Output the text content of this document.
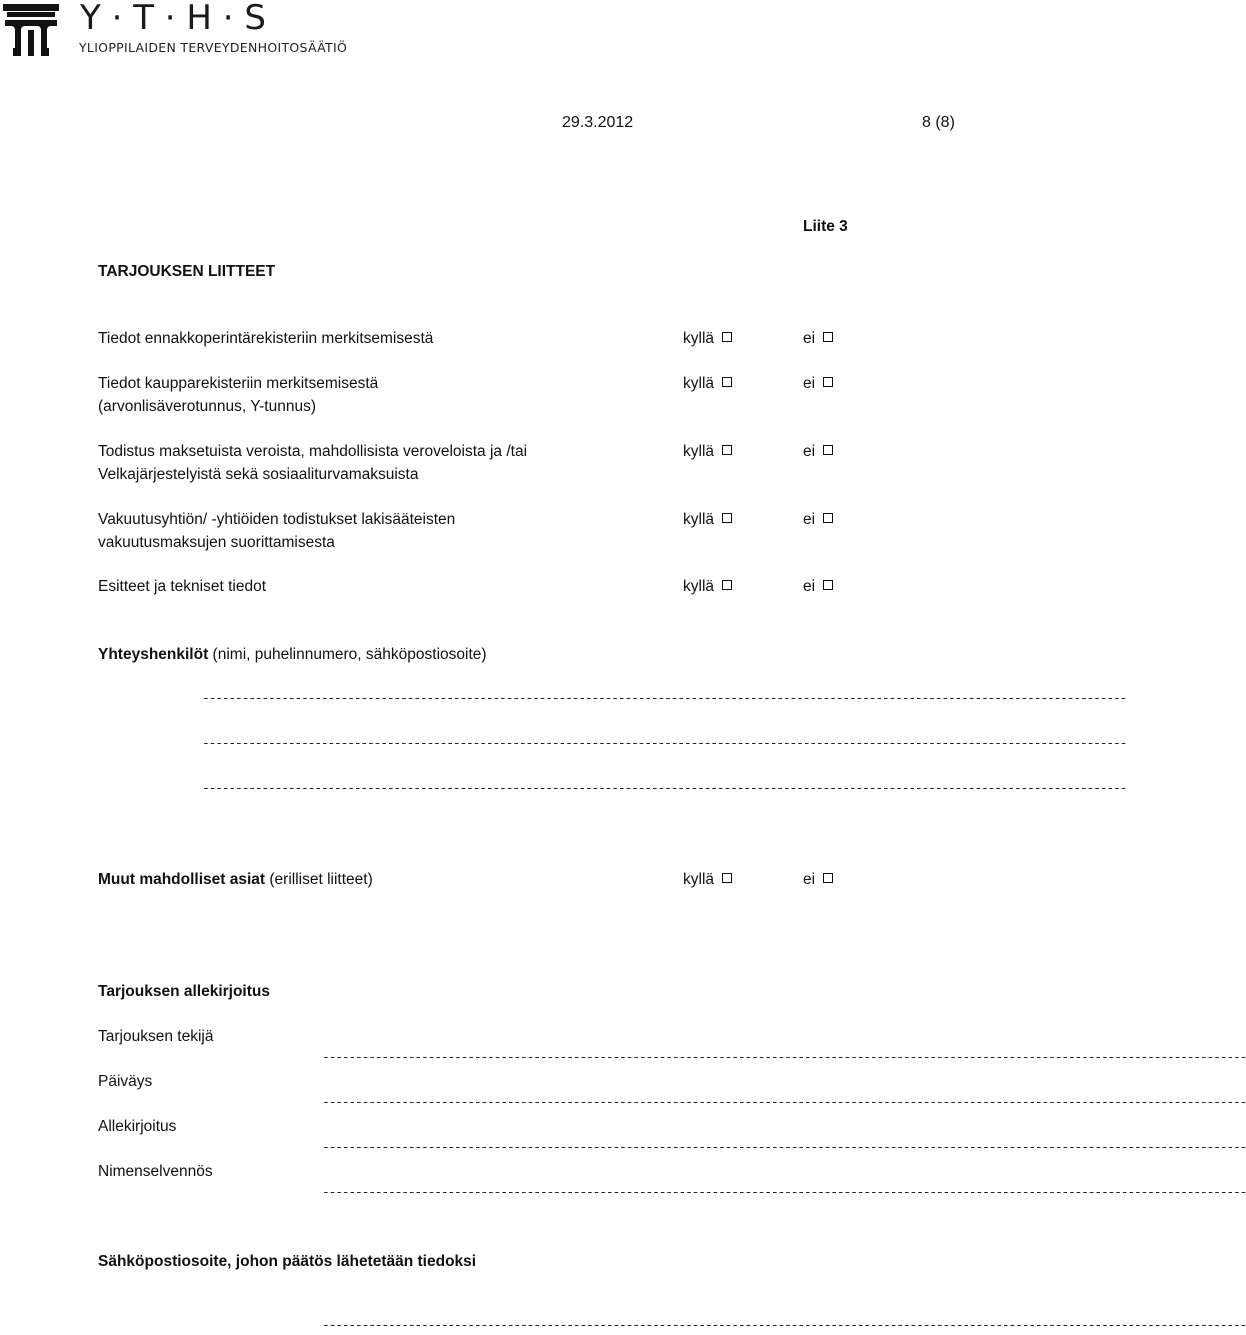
Y · T · H · S
YLIOPPILAIDEN TERVEYDENHOITOSÄÄTIÖ
29.3.2012	8 (8)
Liite 3
TARJOUKSEN LIITTEET
Tiedot ennakkoperintärekisteriin merkitsemisestä	kyllä	ei
Tiedot kaupparekisteriin merkitsemisestä
(arvonlisäverotunnus, Y-tunnus)
kyllä	ei
Todistus maksetuista veroista, mahdollisista veroveloista ja /tai
Velkajärjestelyistä sekä sosiaaliturvamaksuista
kyllä	ei
Vakuutusyhtiön/ -yhtiöiden todistukset lakisääteisten
vakuutusmaksujen suorittamisesta
kyllä	ei
Esitteet ja tekniset tiedot	kyllä	ei
Yhteyshenkilöt (nimi, puhelinnumero, sähköpostiosoite)
--------------------------------------------------------------------------------------------------------------------------------------------
--------------------------------------------------------------------------------------------------------------------------------------------
--------------------------------------------------------------------------------------------------------------------------------------------
Muut mahdolliset asiat (erilliset liitteet)	kyllä	ei
Tarjouksen allekirjoitus
Tarjouksen tekijä
--------------------------------------------------------------------------------------------------------------------------------------------
Päiväys
--------------------------------------------------------------------------------------------------------------------------------------------
Allekirjoitus
--------------------------------------------------------------------------------------------------------------------------------------------
Nimenselvennös
--------------------------------------------------------------------------------------------------------------------------------------------
Sähköpostiosoite, johon päätös lähetetään tiedoksi
--------------------------------------------------------------------------------------------------------------------------------------------
